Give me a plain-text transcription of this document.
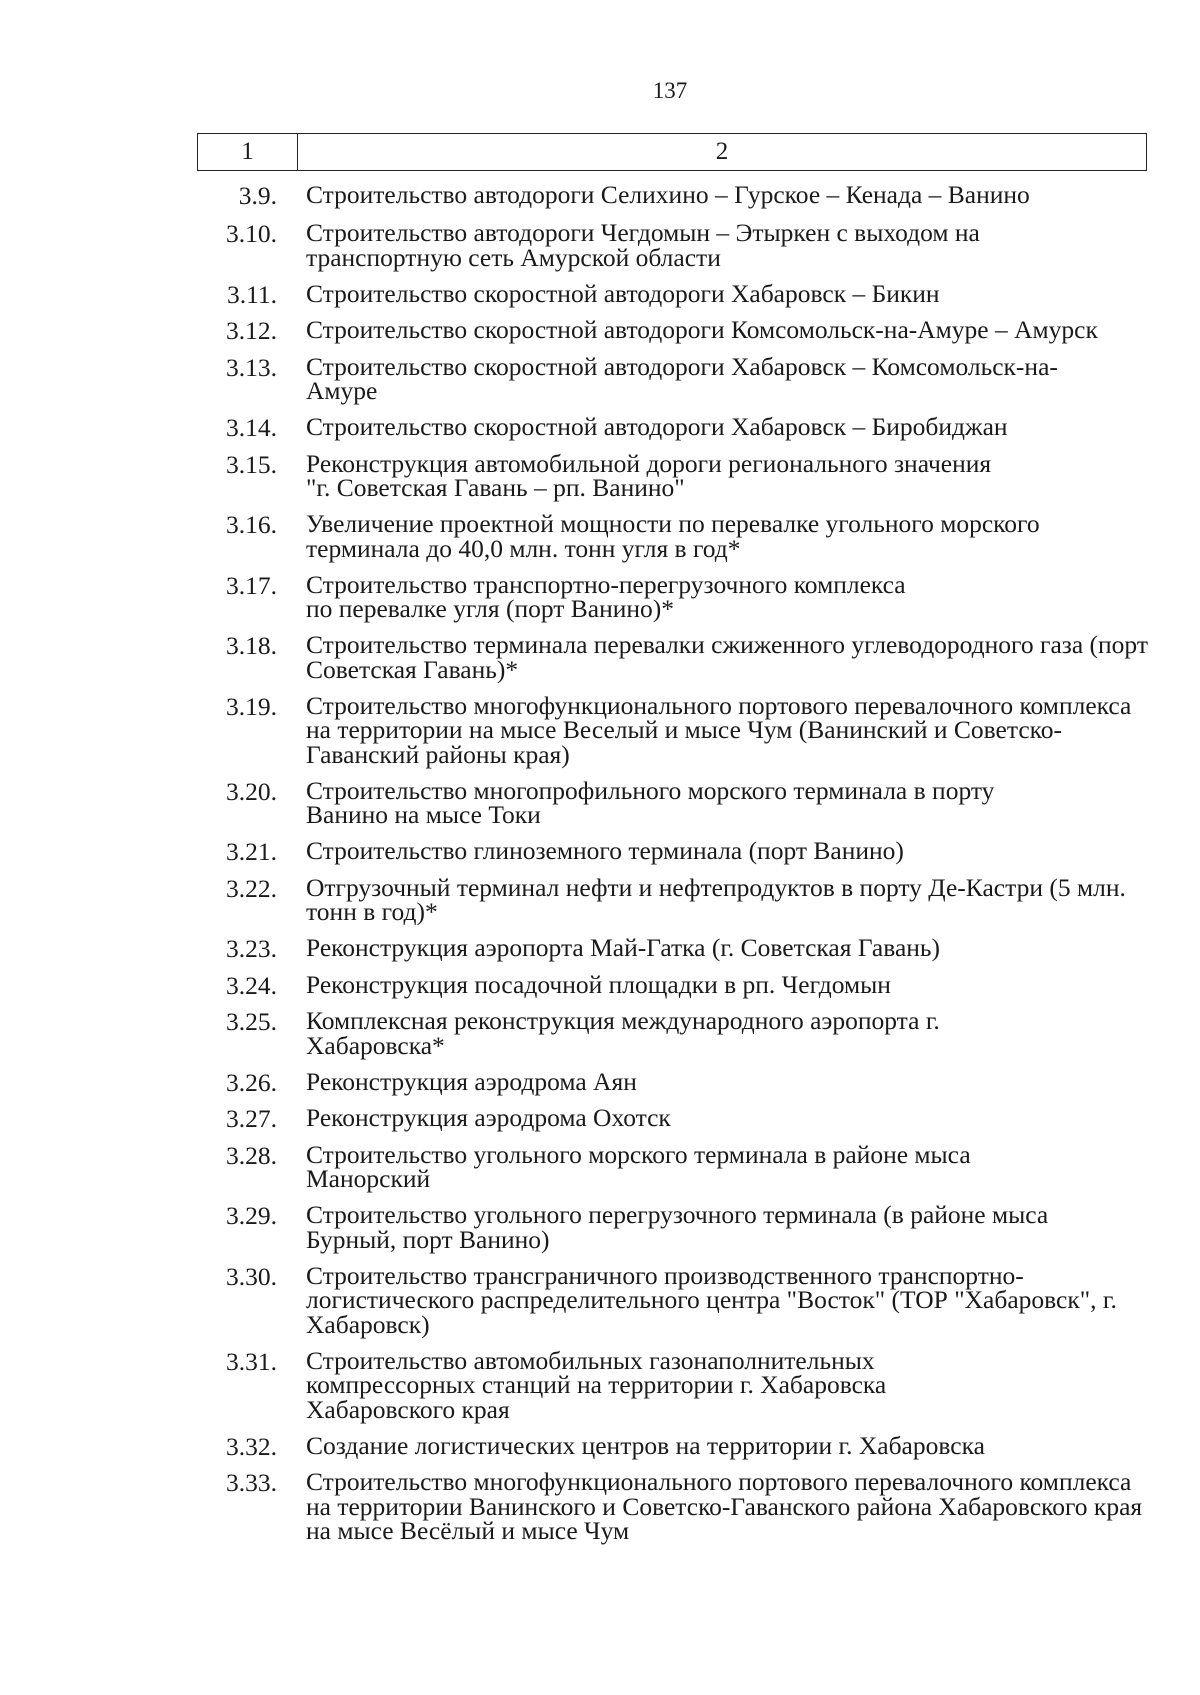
137
1	2
3.9.	Строительство автодороги Селихино – Гурское – Кенада – Ванино
3.10.	Строительство автодороги Чегдомын – Этыркен с выходом на транспортную сеть Амурской области
3.11.	Строительство скоростной автодороги Хабаровск – Бикин
3.12.	Строительство скоростной автодороги Комсомольск-на-Амуре – Амурск
3.13.	Строительство скоростной автодороги Хабаровск – Комсомольск-на-Амуре
3.14.	Строительство скоростной автодороги Хабаровск – Биробиджан
3.15.	Реконструкция автомобильной дороги регионального значения "г. Советская Гавань – рп. Ванино"
3.16.	Увеличение проектной мощности по перевалке угольного морского терминала до 40,0 млн. тонн угля в год*
3.17.	Строительство транспортно-перегрузочного комплекса по перевалке угля (порт Ванино)*
3.18.	Строительство терминала перевалки сжиженного углеводородного газа (порт Советская Гавань)*
3.19.	Строительство многофункционального портового перевалочного комплекса на территории на мысе Веселый и мысе Чум (Ванинский и Советско-Гаванский районы края)
3.20.	Строительство многопрофильного морского терминала в порту Ванино на мысе Токи
3.21.	Строительство глиноземного терминала (порт Ванино)
3.22.	Отгрузочный терминал нефти и нефтепродуктов в порту Де-Кастри (5 млн. тонн в год)*
3.23.	Реконструкция аэропорта Май-Гатка (г. Советская Гавань)
3.24.	Реконструкция посадочной площадки в рп. Чегдомын
3.25.	Комплексная реконструкция международного аэропорта г. Хабаровска*
3.26.	Реконструкция аэродрома Аян
3.27.	Реконструкция аэродрома Охотск
3.28.	Строительство угольного морского терминала в районе мыса Манорский
3.29.	Строительство угольного перегрузочного терминала (в районе мыса Бурный, порт Ванино)
3.30.	Строительство трансграничного производственного транспортно-логистического распределительного центра "Восток" (ТОР "Хабаровск", г. Хабаровск)
3.31.	Строительство автомобильных газонаполнительных компрессорных станций на территории г. Хабаровска Хабаровского края
3.32.	Создание логистических центров на территории г. Хабаровска
3.33.	Строительство многофункционального портового перевалочного комплекса на территории Ванинского и Советско-Гаванского района Хабаровского края на мысе Весёлый и мысе Чум
